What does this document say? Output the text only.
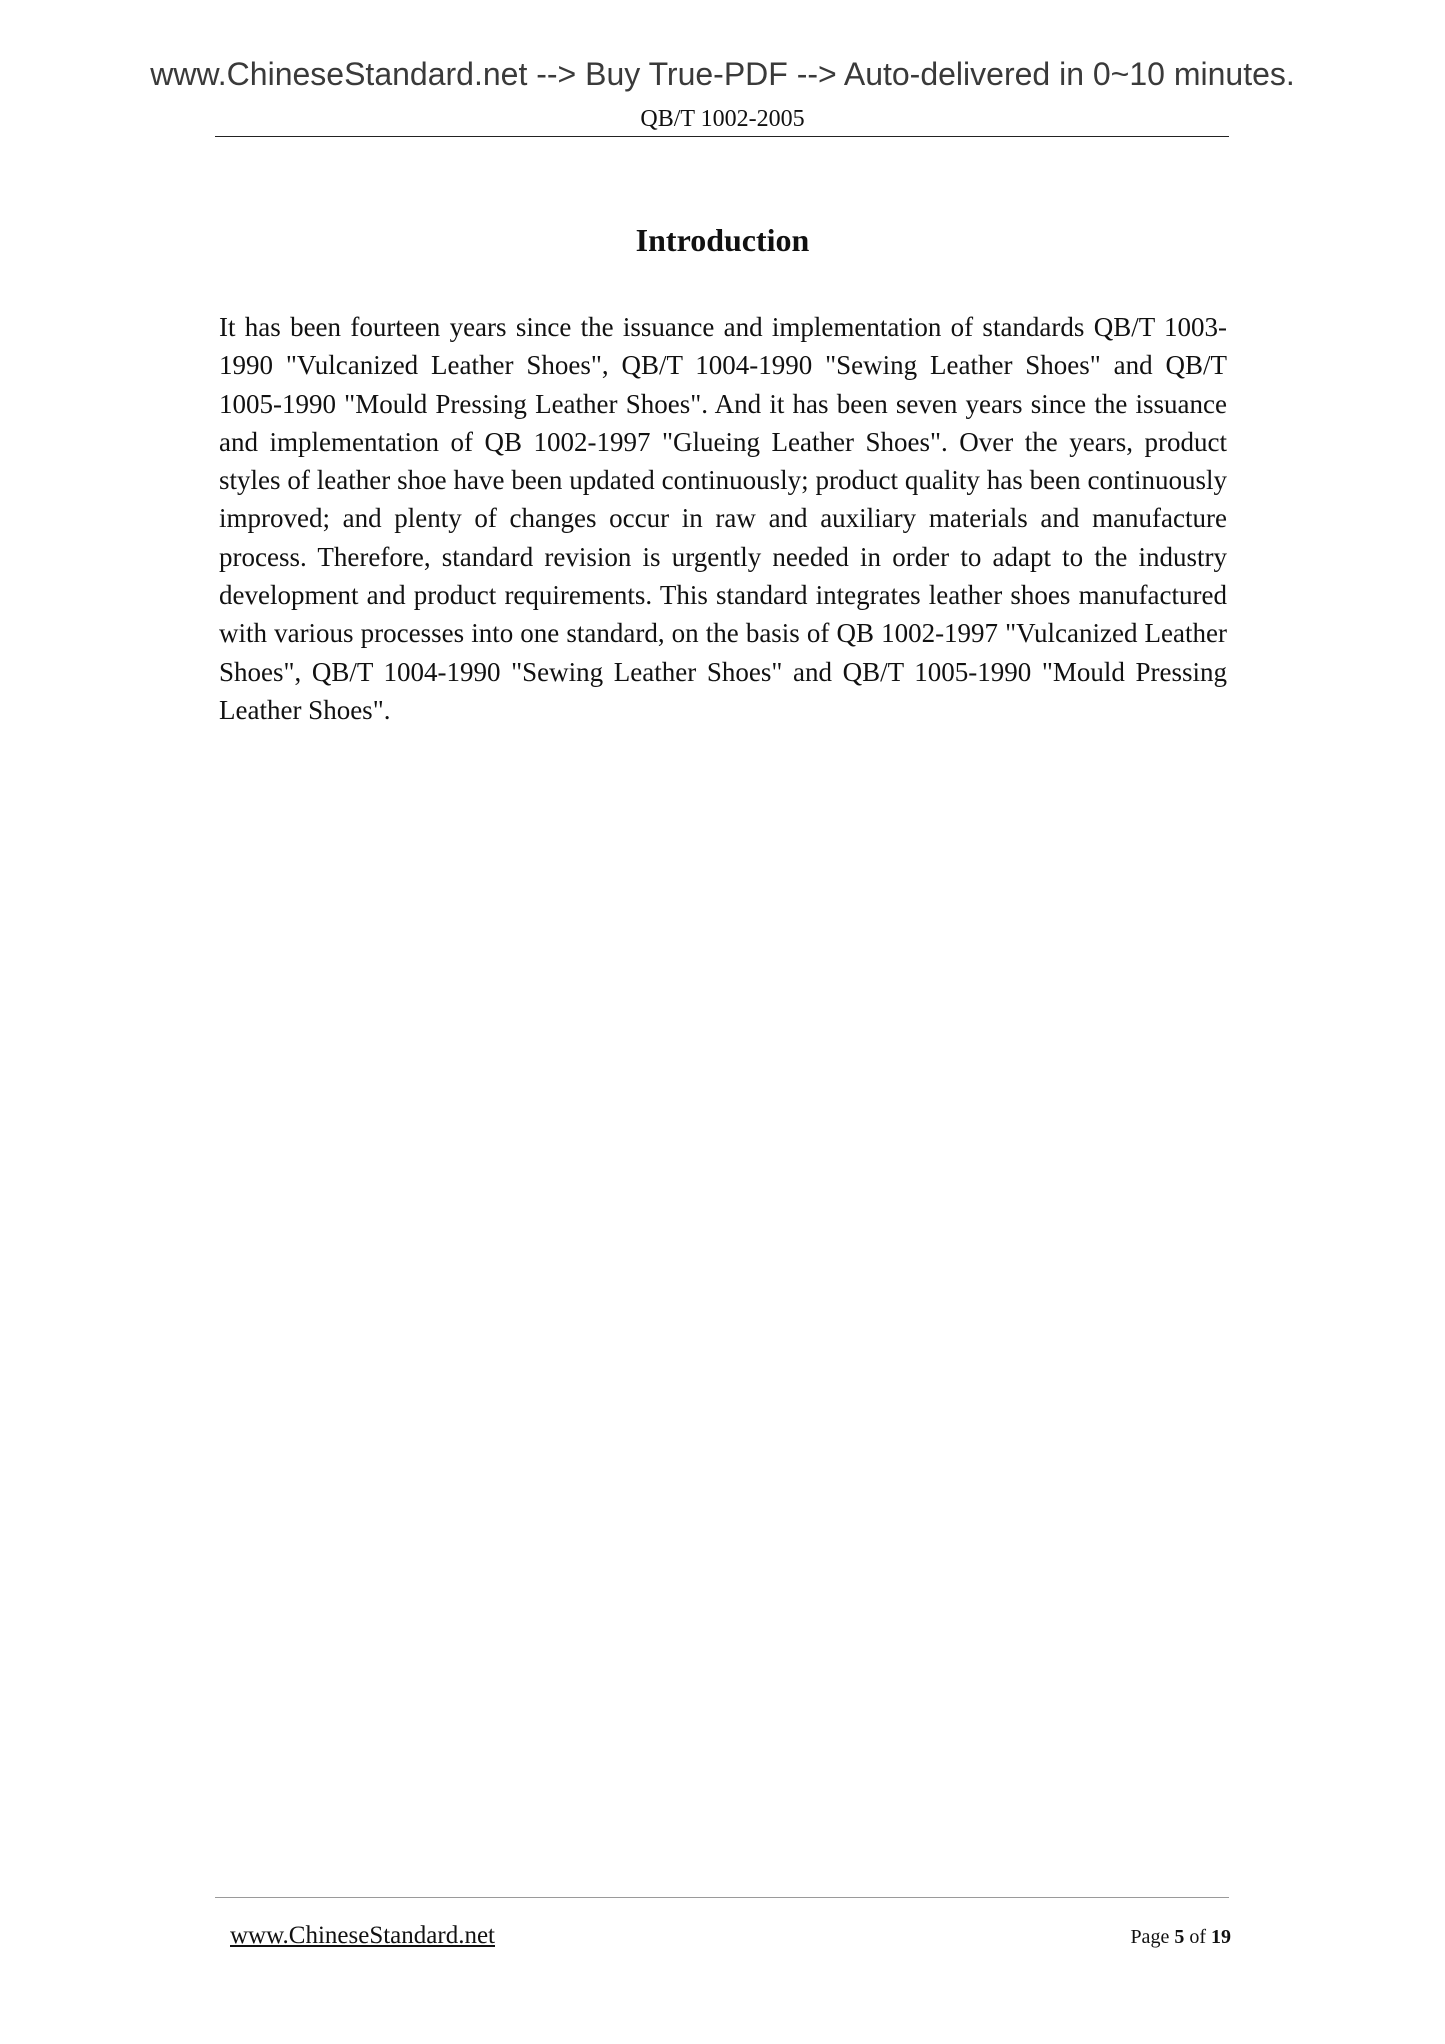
www.ChineseStandard.net --> Buy True-PDF --> Auto-delivered in 0~10 minutes.
QB/T 1002-2005
Introduction

It has been fourteen years since the issuance and implementation of standards QB/T 1003-1990 "Vulcanized Leather Shoes", QB/T 1004-1990 "Sewing Leather Shoes" and QB/T 1005-1990 "Mould Pressing Leather Shoes". And it has been seven years since the issuance and implementation of QB 1002-1997 "Glueing Leather Shoes". Over the years, product styles of leather shoe have been updated continuously; product quality has been continuously improved; and plenty of changes occur in raw and auxiliary materials and manufacture process. Therefore, standard revision is urgently needed in order to adapt to the industry development and product requirements. This standard integrates leather shoes manufactured with various processes into one standard, on the basis of QB 1002-1997 "Vulcanized Leather Shoes", QB/T 1004-1990 "Sewing Leather Shoes" and QB/T 1005-1990 "Mould Pressing Leather Shoes".

www.ChineseStandard.net	Page 5 of 19
